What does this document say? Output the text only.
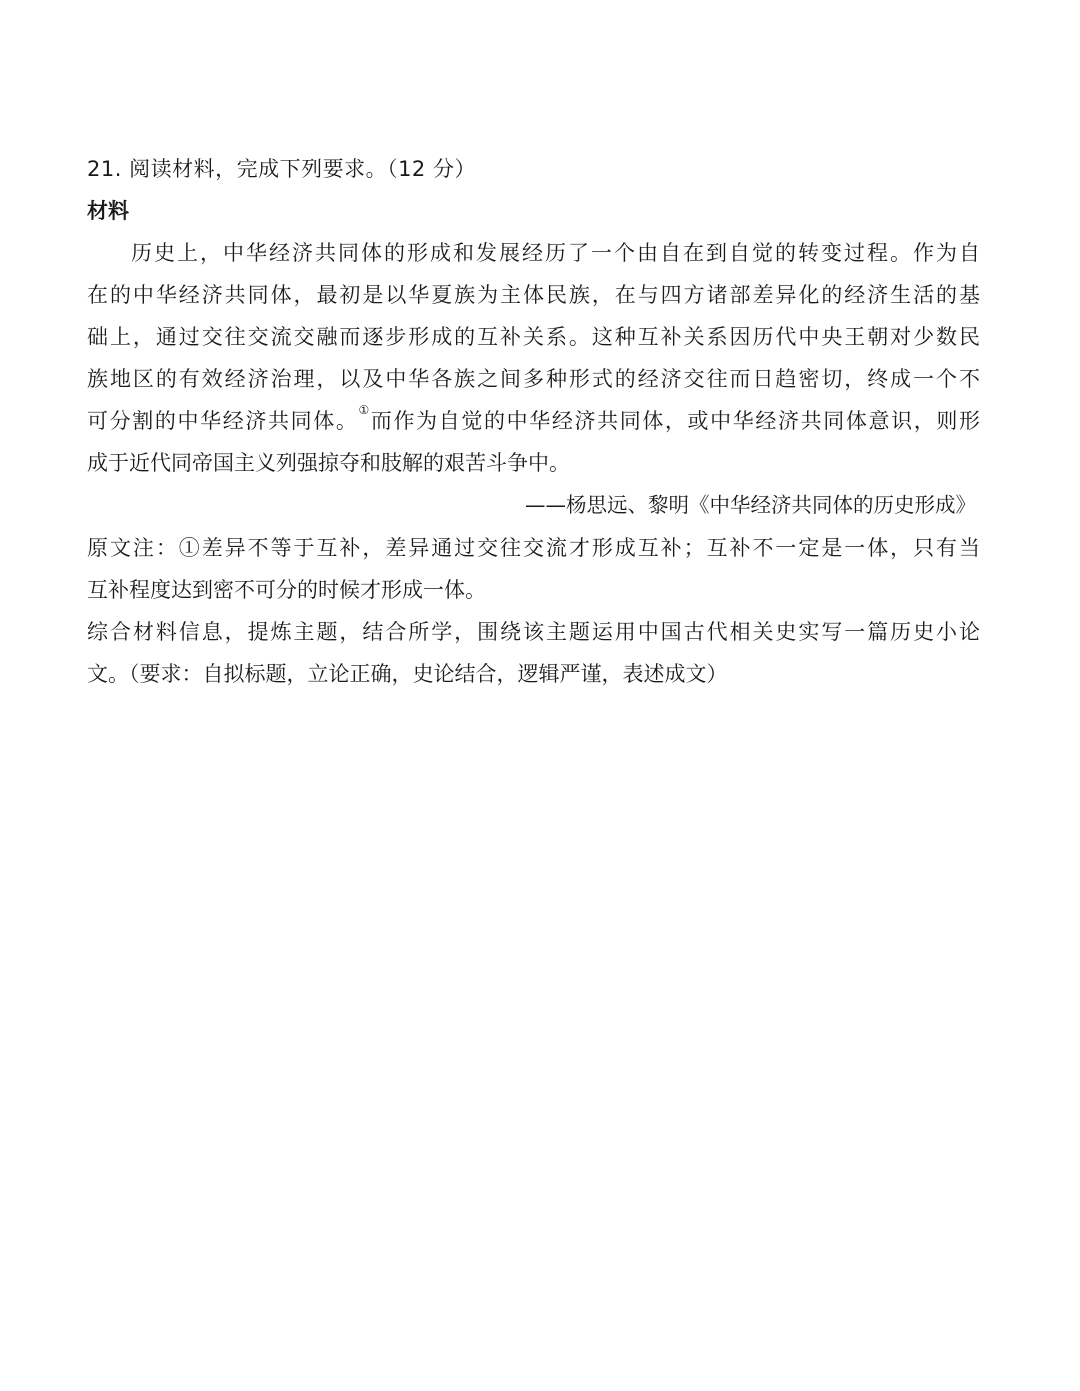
21. 阅读材料，完成下列要求。（12 分）
材料
历史上，中华经济共同体的形成和发展经历了一个由自在到自觉的转变过程。作为自
在的中华经济共同体，最初是以华夏族为主体民族，在与四方诸部差异化的经济生活的基
础上，通过交往交流交融而逐步形成的互补关系。这种互补关系因历代中央王朝对少数民
族地区的有效经济治理，以及中华各族之间多种形式的经济交往而日趋密切，终成一个不
可分割的中华经济共同体。①而作为自觉的中华经济共同体，或中华经济共同体意识，则形
成于近代同帝国主义列强掠夺和肢解的艰苦斗争中。
——杨思远、黎明《中华经济共同体的历史形成》
原文注：①差异不等于互补，差异通过交往交流才形成互补；互补不一定是一体，只有当
互补程度达到密不可分的时候才形成一体。
综合材料信息，提炼主题，结合所学，围绕该主题运用中国古代相关史实写一篇历史小论
文。（要求：自拟标题，立论正确，史论结合，逻辑严谨，表述成文）
